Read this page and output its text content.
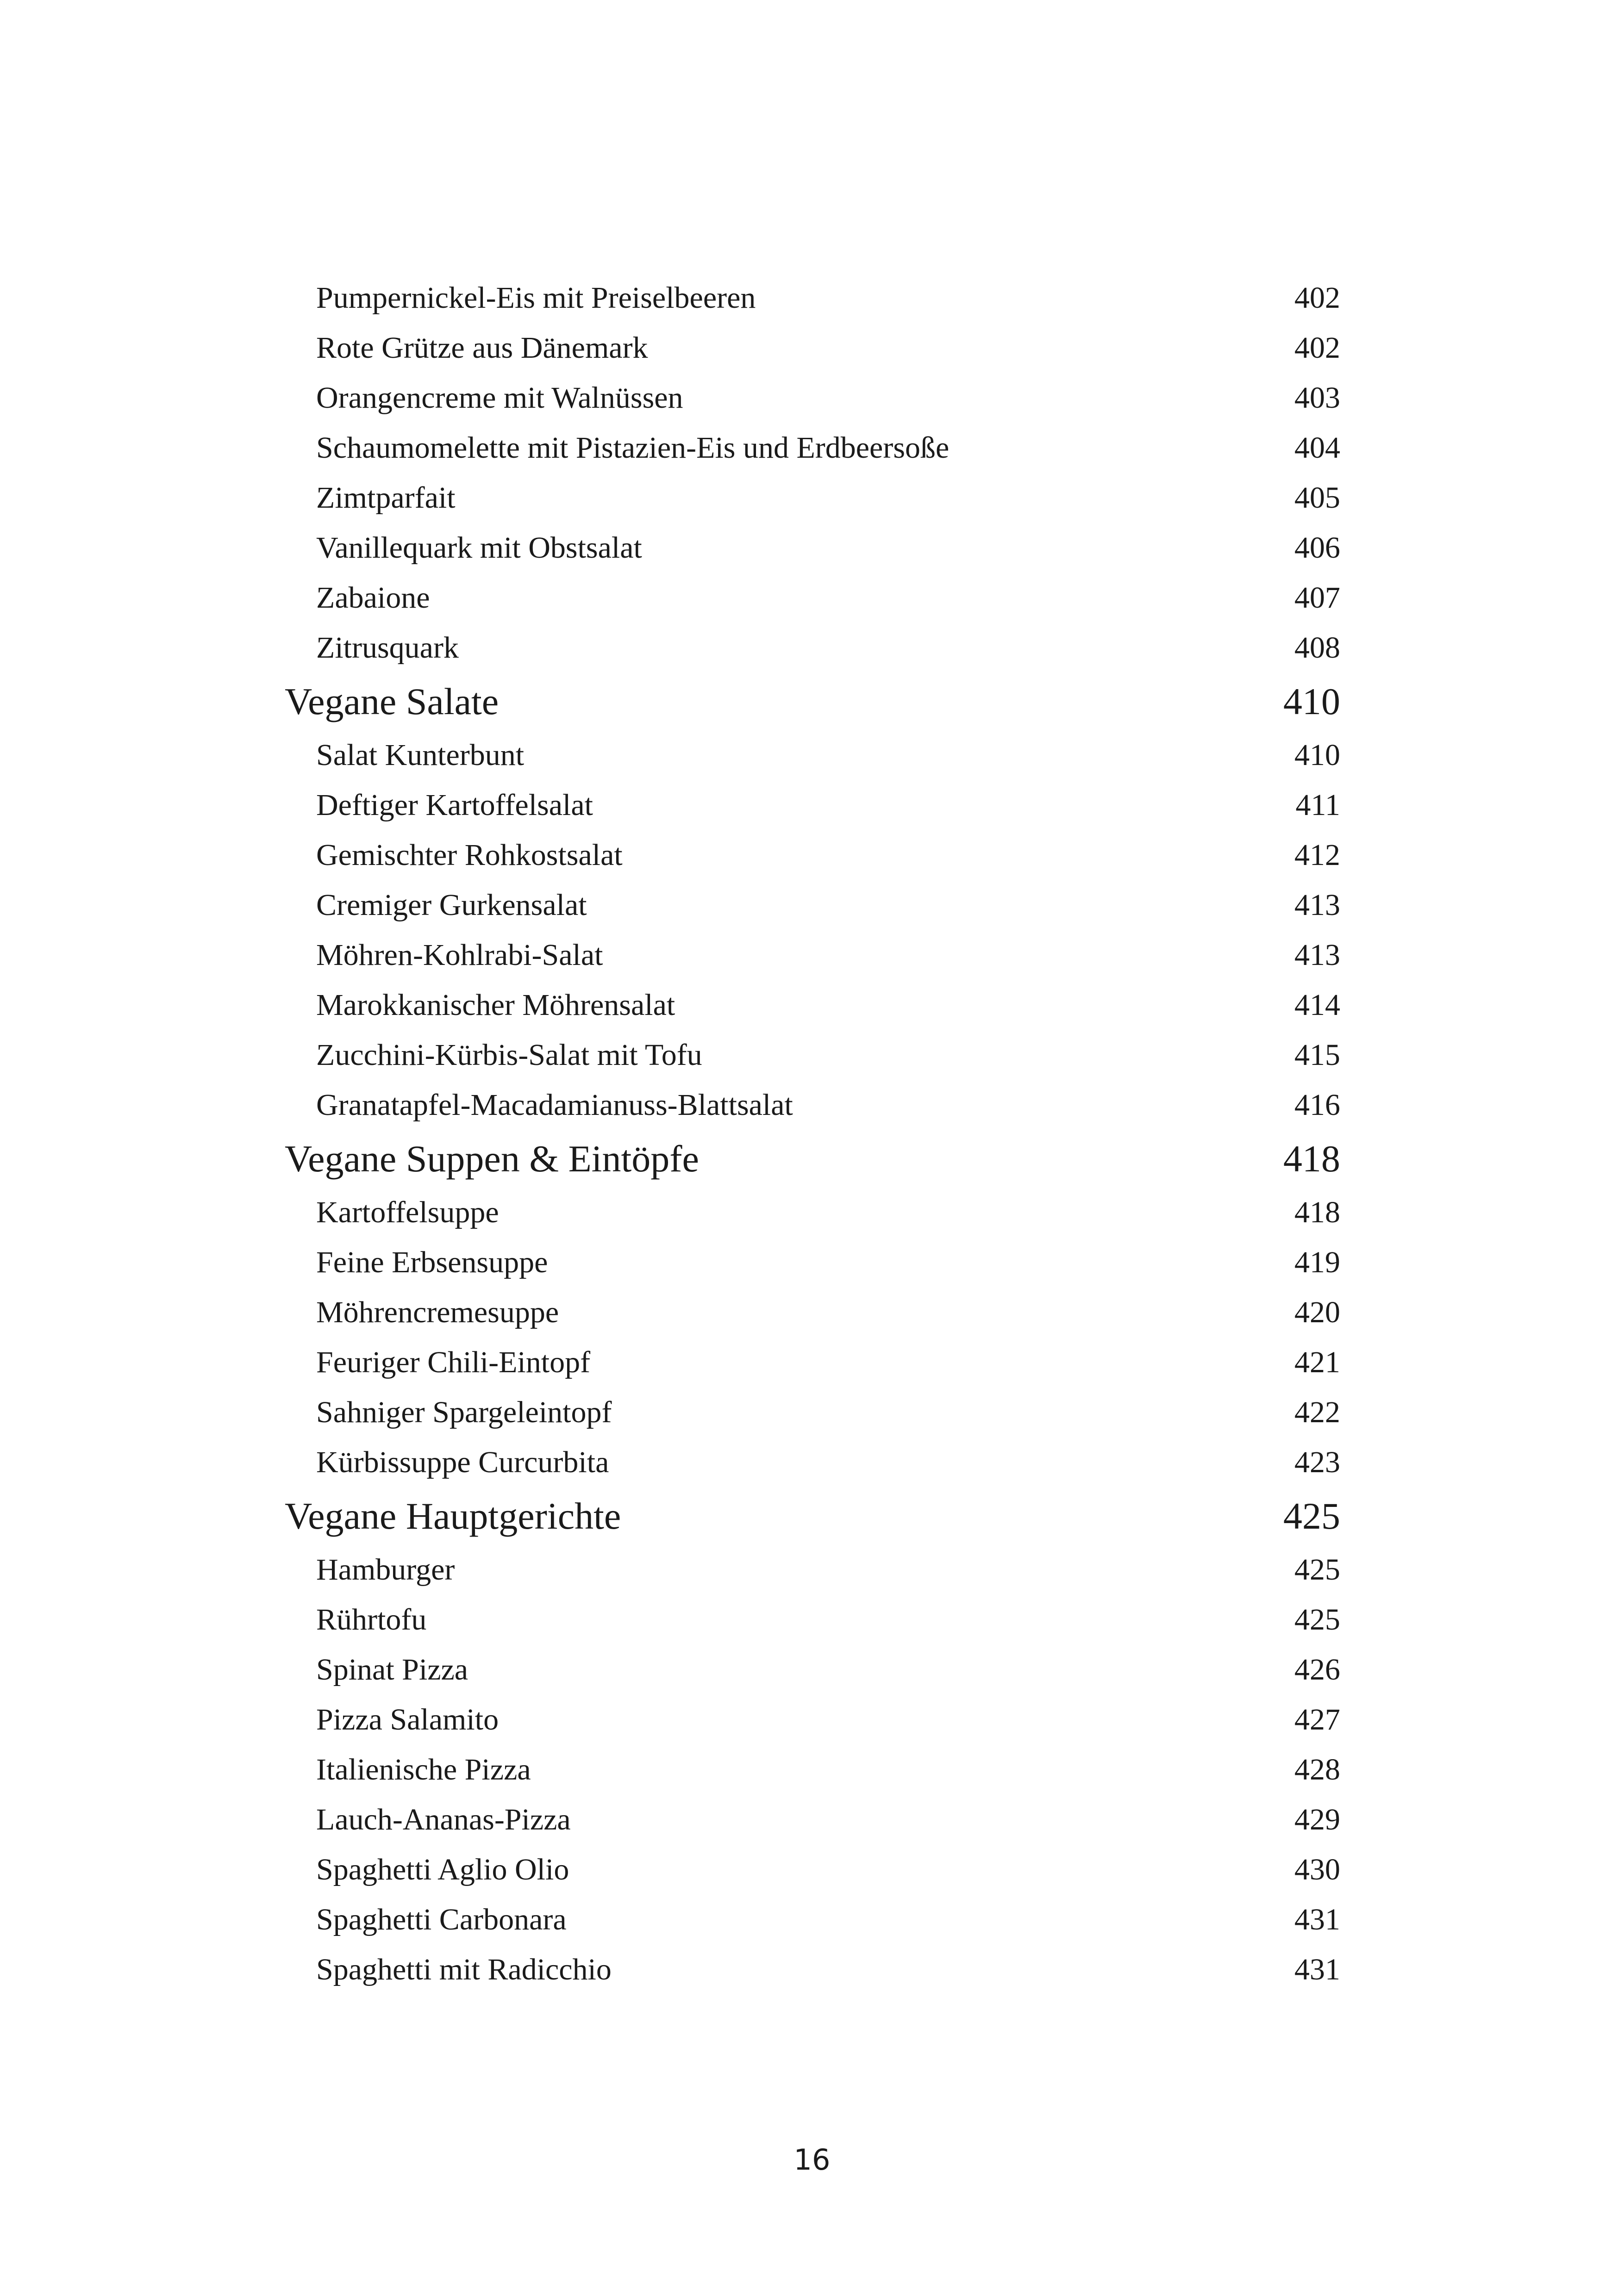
Pumpernickel-Eis mit Preiselbeeren	402
Rote Grütze aus Dänemark	402
Orangencreme mit Walnüssen	403
Schaumomelette mit Pistazien-Eis und Erdbeersoße	404
Zimtparfait	405
Vanillequark mit Obstsalat	406
Zabaione	407
Zitrusquark	408
Vegane Salate	410
Salat Kunterbunt	410
Deftiger Kartoffelsalat	411
Gemischter Rohkostsalat	412
Cremiger Gurkensalat	413
Möhren-Kohlrabi-Salat	413
Marokkanischer Möhrensalat	414
Zucchini-Kürbis-Salat mit Tofu	415
Granatapfel-Macadamianuss-Blattsalat	416
Vegane Suppen & Eintöpfe	418
Kartoffelsuppe	418
Feine Erbsensuppe	419
Möhrencremesuppe	420
Feuriger Chili-Eintopf	421
Sahniger Spargeleintopf	422
Kürbissuppe Curcurbita	423
Vegane Hauptgerichte	425
Hamburger	425
Rührtofu	425
Spinat Pizza	426
Pizza Salamito	427
Italienische Pizza	428
Lauch-Ananas-Pizza	429
Spaghetti Aglio Olio	430
Spaghetti Carbonara	431
Spaghetti mit Radicchio	431
16
